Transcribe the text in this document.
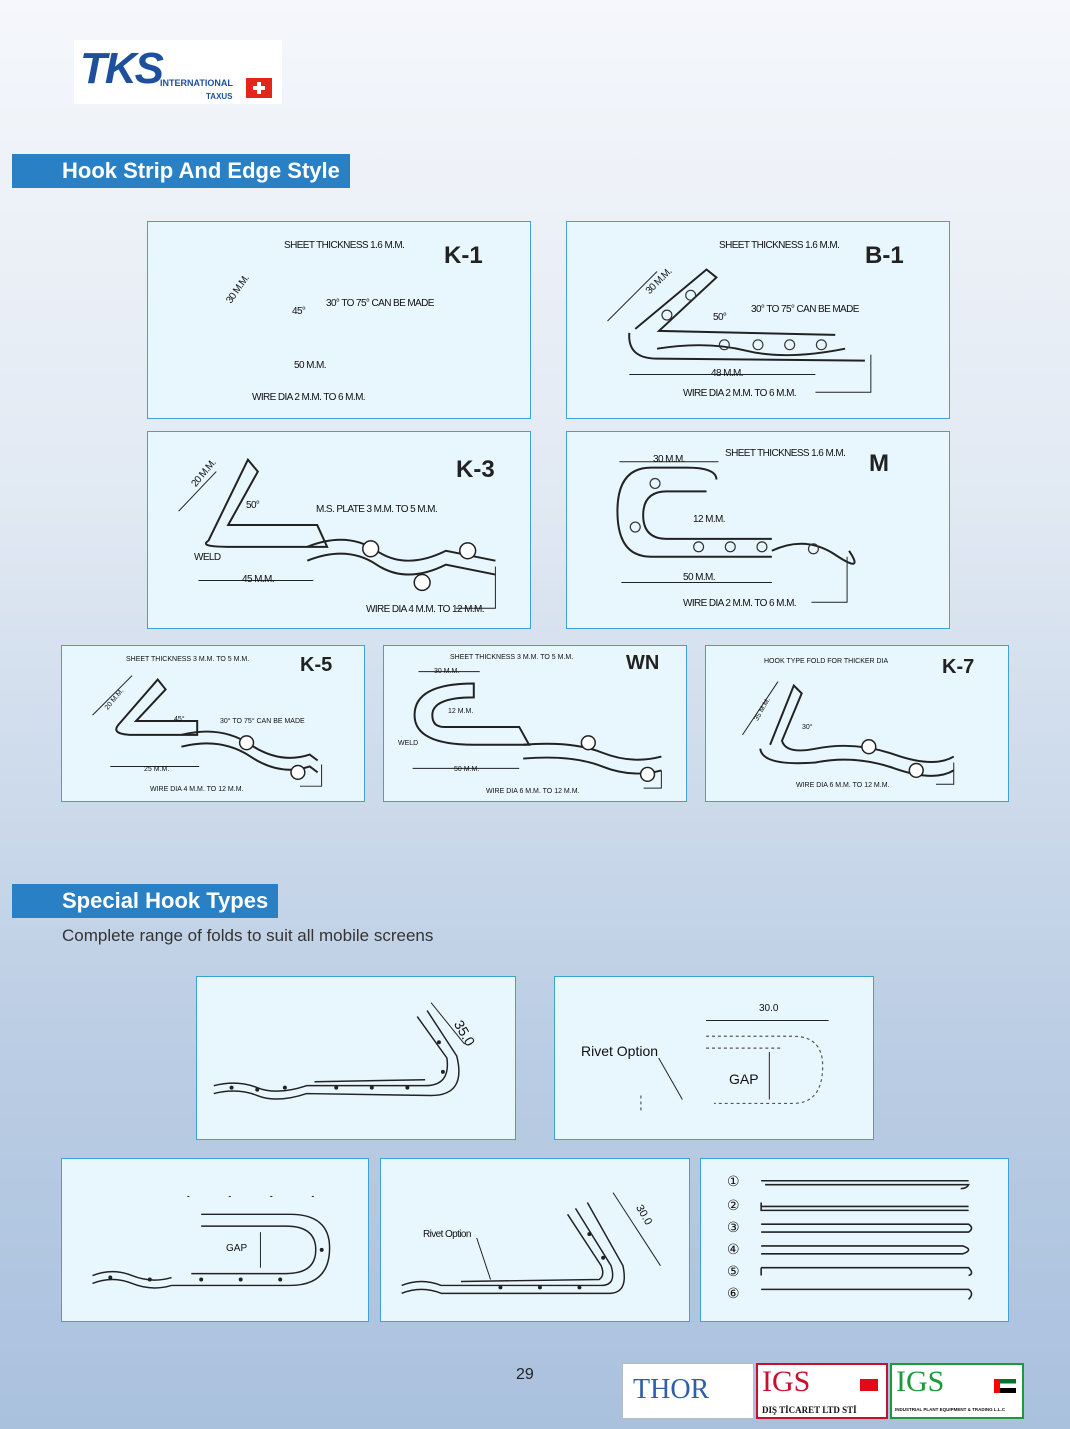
TKS
INTERNATIONAL
TAXUS
Hook Strip And Edge Style
K-1
SHEET THICKNESS 1.6 M.M.
30 M.M.
45°
30° TO 75° CAN BE MADE
50 M.M.
WIRE DIA 2 M.M. TO 6 M.M.
B-1
SHEET THICKNESS 1.6 M.M.
30 M.M.
50°
30° TO 75° CAN BE MADE
48 M.M.
WIRE DIA 2 M.M. TO 6 M.M.
K-3
20 M.M.
50°	M.S. PLATE 3 M.M. TO 5 M.M.
WELD
45 M.M.
WIRE DIA 4 M.M. TO 12 M.M.
M
30 M.M.
SHEET THICKNESS 1.6 M.M.
12 M.M.
50 M.M.
WIRE DIA 2 M.M. TO 6 M.M.
K-5
SHEET THICKNESS 3 M.M. TO 5 M.M.
20 M.M.
45°	30° TO 75° CAN BE MADE
25 M.M.
WIRE DIA 4 M.M. TO 12 M.M.
WN
SHEET THICKNESS 3 M.M. TO 5 M.M.
30 M.M.
12 M.M.
WELD
50 M.M.
WIRE DIA 6 M.M. TO 12 M.M.
K-7
HOOK TYPE FOLD FOR THICKER DIA
35 M.M.
30°
WIRE DIA 6 M.M. TO 12 M.M.
Special Hook Types
Complete range of folds to suit all mobile screens
35.0
30.0
Rivet Option
GAP
GAP
Rivet Option
30.0
①
②
③
④
⑤
⑥
29	THOR IGS
DIŞ TİCARET LTD STİ
IGS
INDUSTRIAL PLANT EQUIPMENT & TRADING L.L.C
